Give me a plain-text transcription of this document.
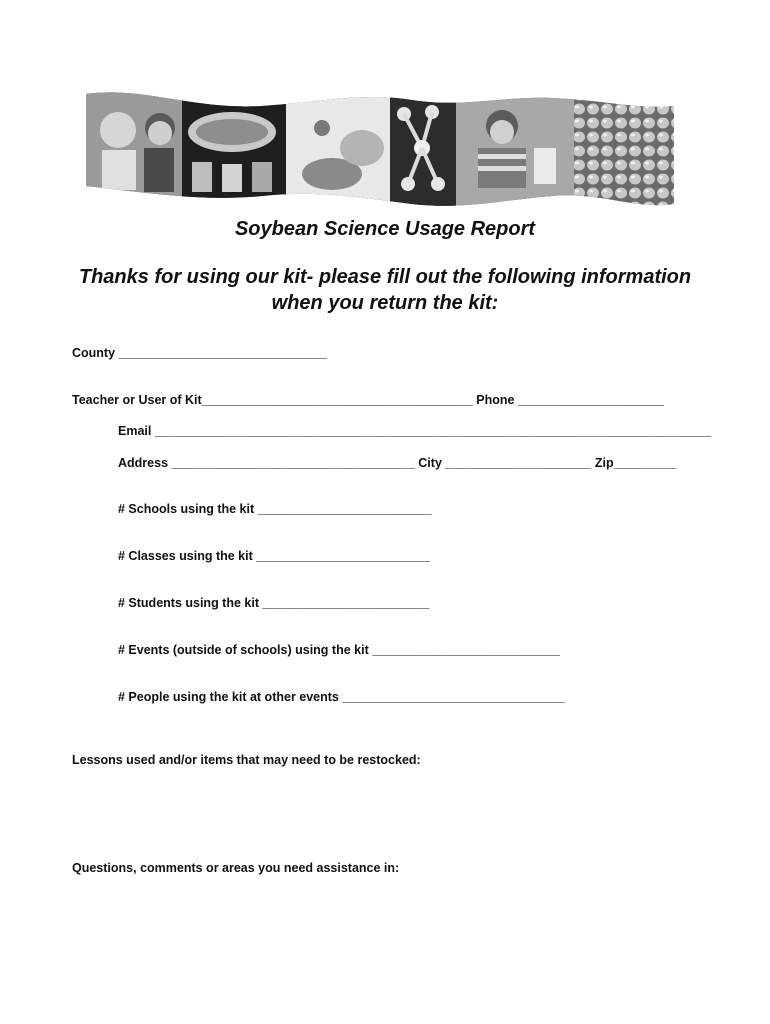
Soybean Science Usage Report
Thanks for using our kit- please fill out the following information when you return the kit:
County ______________________________
Teacher or User of Kit_______________________________________ Phone _____________________
Email ________________________________________________________________________________
Address ___________________________________ City _____________________ Zip_________
# Schools using the kit _________________________
# Classes using the kit _________________________
# Students using the kit ________________________
# Events (outside of schools) using the kit ___________________________
# People using the kit at other events ________________________________
Lessons used and/or items that may need to be restocked:
Questions, comments or areas you need assistance in:
